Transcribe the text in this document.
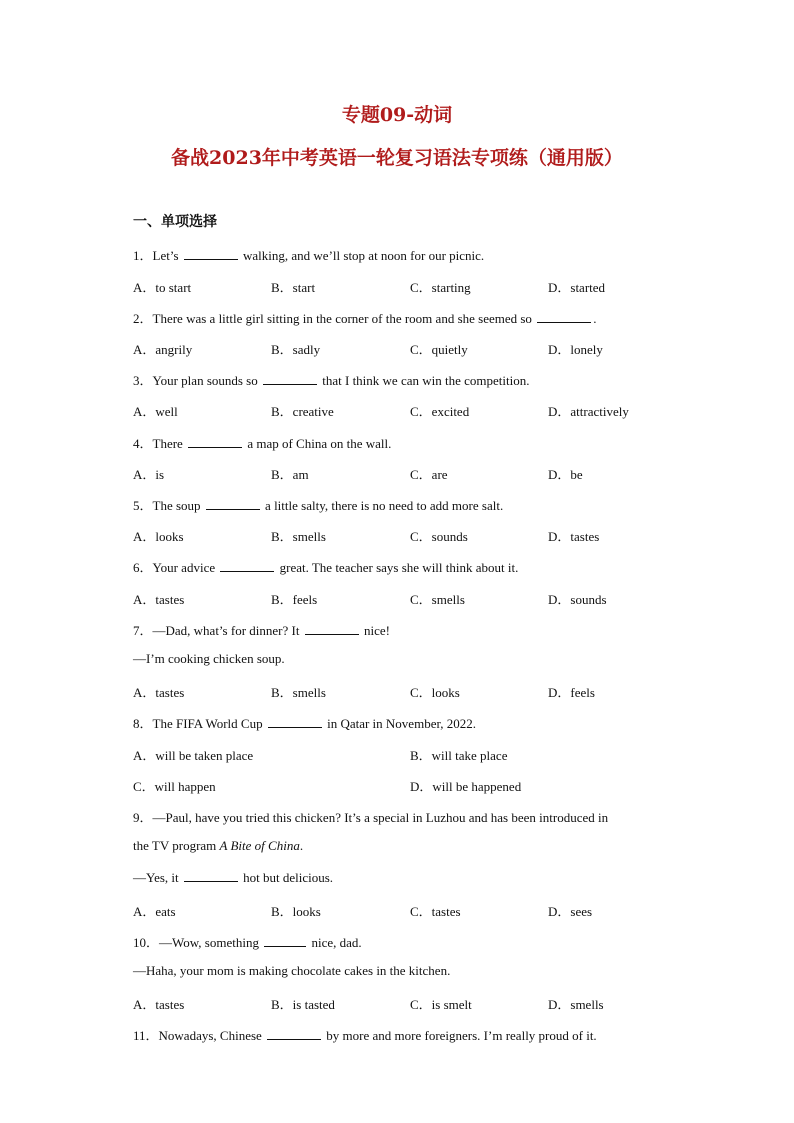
专题09-动词
备战2023年中考英语一轮复习语法专项练（通用版）
一、单项选择
1．Let’s	walking, and we’ll stop at noon for our picnic.
A．to start	B．start	C．starting	D．started
2．There was a little girl sitting in the corner of the room and she seemed so	.
A．angrily	B．sadly	C．quietly	D．lonely
3．Your plan sounds so	that I think we can win the competition.
A．well	B．creative	C．excited	D．attractively
4．There	a map of China on the wall.
A．is	B．am	C．are	D．be
5．The soup	a little salty, there is no need to add more salt.
A．looks	B．smells	C．sounds	D．tastes
6．Your advice	great. The teacher says she will think about it.
A．tastes	B．feels	C．smells	D．sounds
7．—Dad, what’s for dinner? It	nice!
—I’m cooking chicken soup.
A．tastes	B．smells	C．looks	D．feels
8．The FIFA World Cup	in Qatar in November, 2022.
A．will be taken place	B．will take place
C．will happen	D．will be happened
9．—Paul, have you tried this chicken? It’s a special in Luzhou and has been introduced in
the TV program A Bite of China.
—Yes, it	hot but delicious.
A．eats	B．looks	C．tastes	D．sees
10．—Wow, something	nice, dad.
—Haha, your mom is making chocolate cakes in the kitchen.
A．tastes	B．is tasted	C．is smelt	D．smells
11．Nowadays, Chinese	by more and more foreigners. I’m really proud of it.
